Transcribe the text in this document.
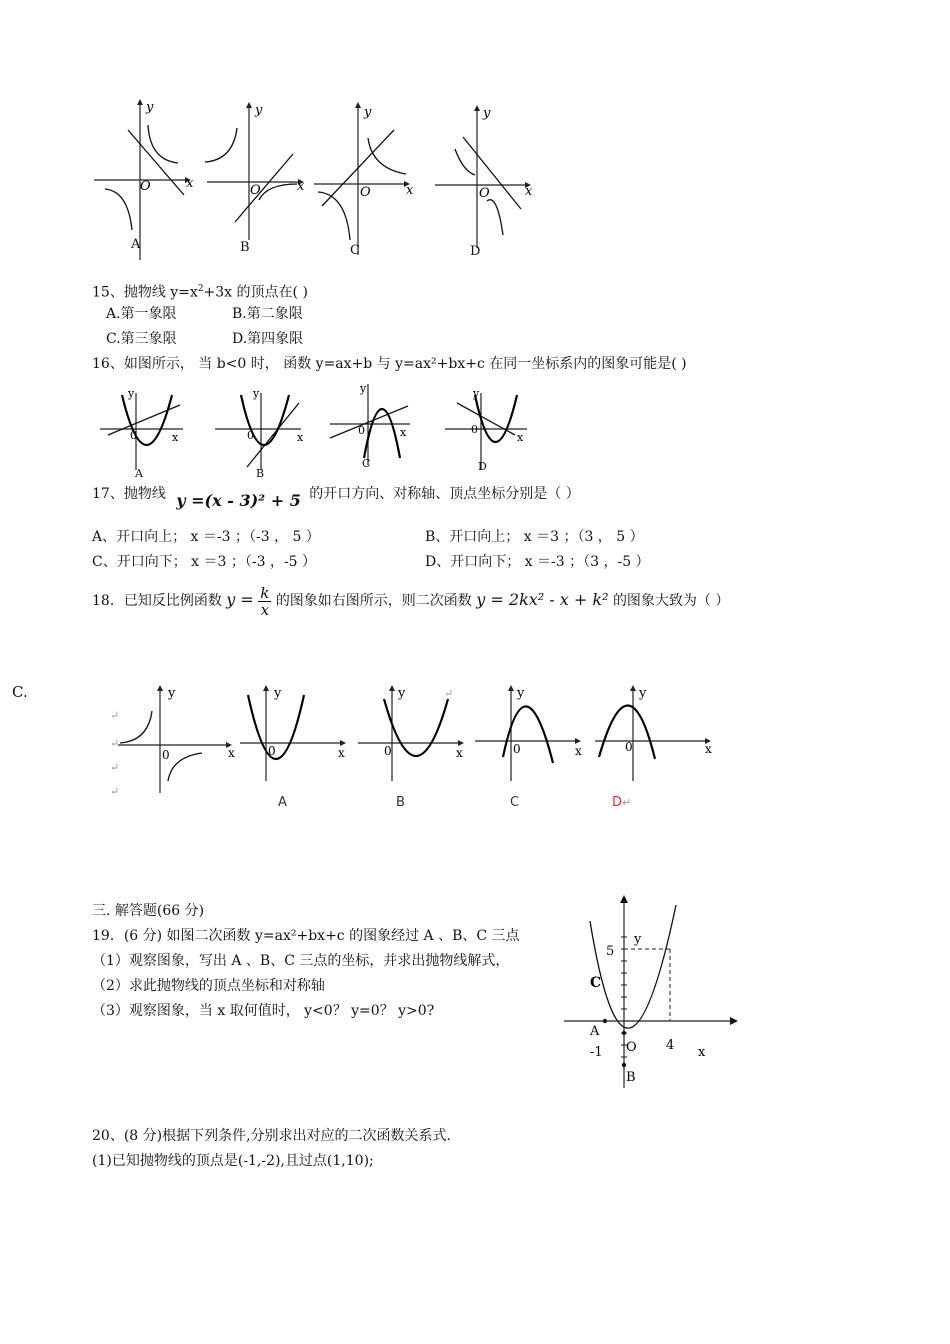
y
O	x
A
y
O	x
B
y
O	x
C
y
O	x
D
15、抛物线 $y=x^2+3x$ 的顶点在( )
A.第一象限	B.第二象限
C.第三象限	D.第四象限
16、如图所示， 当 b<0 时， 函数 y=ax+b 与 y=ax²+bx+c 在同一坐标系内的图象可能是( )
y
0	x
A
y
0	x
B
y
0	x
C
y
0
x
D
17、抛物线 y =(x - 3)² + 5 的开口方向、对称轴、顶点坐标分别是（ ）
A、开口向上； x ＝-3 ；（-3 ， 5 ）	B、开口向上； x ＝3 ；（3 ， 5 ）
C、开口向下； x ＝3 ；（-3 ，-5 ）	D、开口向下； x ＝-3 ；（3 ，-5 ）
18．已知反比例函数 $y = \frac{k}{x}$ 的图象如右图所示，则二次函数 y = 2kx² - x + k² 的图象大致为（ ）
C.	y
0	x
↵
↵
↵
↵
y
0	x
A
y
0	x
↵
B
y
0	x
C
y
0	x
D↵
三. 解答题(66 分)
19．(6 分) 如图二次函数 y=ax²+bx+c 的图象经过 A 、B、C 三点
（1）观察图象，写出 A 、B、C 三点的坐标，并求出抛物线解式，
（2）求此抛物线的顶点坐标和对称轴
（3）观察图象，当 x 取何值时， y<0？ y=0？ y>0?
y
5
C
A
-1 O 4 x
B
20、(8 分)根据下列条件,分别求出对应的二次函数关系式.
(1)已知抛物线的顶点是(-1,-2),且过点(1,10);
